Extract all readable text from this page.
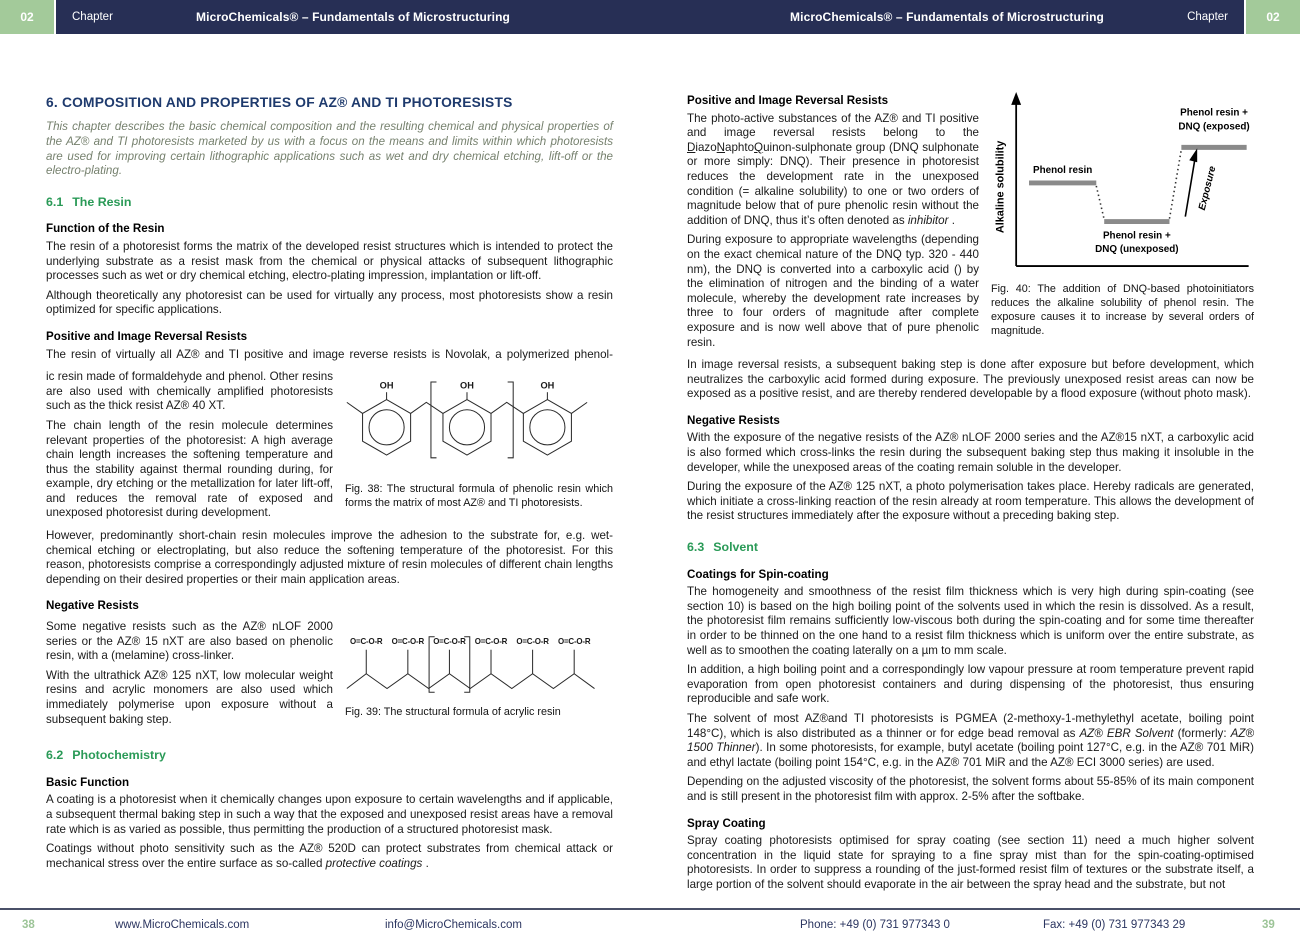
02	Chapter	MicroChemicals® – Fundamentals of Microstructuring	MicroChemicals® – Fundamentals of Microstructuring	Chapter	02
6. COMPOSITION AND PROPERTIES OF AZ® AND TI PHOTORESISTS

This chapter describes the basic chemical composition and the resulting chemical and physical properties of the AZ® and TI photoresists marketed by us with a focus on the means and limits within which photoresists are used for improving certain lithographic applications such as wet and dry chemical etching, lift-off or the electro-plating.

6.1 The Resin
Function of the Resin

The resin of a photoresist forms the matrix of the developed resist structures which is intended to protect the underlying substrate as a resist mask from the chemical or physical attacks of subsequent lithographic processes such as wet or dry chemical etching, electro-plating impression, implantation or lift-off.

Although theoretically any photoresist can be used for virtually any process, most photoresists show a resin optimized for specific applications.

Positive and Image Reversal Resists

The resin of virtually all AZ® and TI positive and image reverse resists is Novolak, a polymerized phenol-

ic resin made of formaldehyde and phenol. Other resins are also used with chemically amplified photoresists such as the thick resist AZ® 40 XT.

The chain length of the resin molecule determines relevant properties of the photoresist: A high average chain length increases the softening temperature and thus the stability against thermal rounding during, for example, dry etching or the metallization for later lift-off, and reduces the removal rate of exposed and unexposed photoresist during development.

OH	OH	OH

Fig. 38: The structural formula of phenolic resin which forms the matrix of most AZ® and TI photoresists.

However, predominantly short-chain resin molecules improve the adhesion to the substrate for, e.g. wet-chemical etching or electroplating, but also reduce the softening temperature of the photoresist. For this reason, photoresists comprise a correspondingly adjusted mixture of resin molecules of different chain lengths depending on their desired properties or their main application areas.

Negative Resists

Some negative resists such as the AZ® nLOF 2000 series or the AZ® 15 nXT are also based on phenolic resin, with a (melamine) cross-linker.

With the ultrathick AZ® 125 nXT, low molecular weight resins and acrylic monomers are also used which immediately polymerise upon exposure without a subsequent baking step.

O=C-O-R O=C-O-R O=C-O-R O=C-O-R O=C-O-R O=C-O-R

Fig. 39: The structural formula of acrylic resin

6.2 Photochemistry
Basic Function

A coating is a photoresist when it chemically changes upon exposure to certain wavelengths and if applicable, a subsequent thermal baking step in such a way that the exposed and unexposed resist areas have a removal rate which is as varied as possible, thus permitting the production of a structured photoresist mask.

Coatings without photo sensitivity such as the AZ® 520D can protect substrates from chemical attack or mechanical stress over the entire surface as so-called protective coatings .

Positive and Image Reversal Resists

The photo-active substances of the AZ® and TI positive and image reversal resists belong to the DiazoNaphtoQuinon-sulphonate group (DNQ sulphonate or more simply: DNQ). Their presence in photoresist reduces the development rate in the unexposed condition (= alkaline solubility) to one or two orders of magnitude below that of pure phenolic resin without the addition of DNQ, thus it’s often denoted as inhibitor .

During exposure to appropriate wavelengths (depending on the exact chemical nature of the DNQ typ. 320 - 440 nm), the DNQ is converted into a carboxylic acid () by the elimination of nitrogen and the binding of a water molecule, whereby the development rate increases by three to four orders of magnitude after complete exposure and is now well above that of pure phenolic resin.

Alkaline solubility	Phenol resin
Phenol resin +
DNQ (unexposed)
Phenol resin +
DNQ (exposed)
Exposure

Fig. 40: The addition of DNQ-based photoinitiators reduces the alkaline solubility of phenol resin. The exposure causes it to increase by several orders of magnitude.

In image reversal resists, a subsequent baking step is done after exposure but before development, which neutralizes the carboxylic acid formed during exposure. The previously unexposed resist areas can now be exposed as a positive resist, and are thereby rendered developable by a flood exposure (without photo mask).

Negative Resists

With the exposure of the negative resists of the AZ® nLOF 2000 series and the AZ®15 nXT, a carboxylic acid is also formed which cross-links the resin during the subsequent baking step thus making it insoluble in the developer, while the unexposed areas of the coating remain soluble in the developer.

During the exposure of the AZ® 125 nXT, a photo polymerisation takes place. Hereby radicals are generated, which initiate a cross-linking reaction of the resin already at room temperature. This allows the development of the resist structures immediately after the exposure without a preceding baking step.

6.3 Solvent
Coatings for Spin-coating

The homogeneity and smoothness of the resist film thickness which is very high during spin-coating (see section 10) is based on the high boiling point of the solvents used in which the resin is dissolved. As a result, the photoresist film remains sufficiently low-viscous both during the spin-coating and for some time thereafter in order to be thinned on the one hand to a resist film thickness which is uniform over the entire substrate, as well as to smoothen the coating laterally on a µm to mm scale.

In addition, a high boiling point and a correspondingly low vapour pressure at room temperature prevent rapid evaporation from open photoresist containers and during dispensing of the photoresist, thus ensuring reproducible and safe work.

The solvent of most AZ®and TI photoresists is PGMEA (2-methoxy-1-methylethyl acetate, boiling point 148°C), which is also distributed as a thinner or for edge bead removal as AZ® EBR Solvent (formerly: AZ® 1500 Thinner). In some photoresists, for example, butyl acetate (boiling point 127°C, e.g. in the AZ® 701 MiR) and ethyl lactate (boiling point 154°C, e.g. in the AZ® 701 MiR and the AZ® ECI 3000 series) are used.

Depending on the adjusted viscosity of the photoresist, the solvent forms about 55-85% of its main component and is still present in the photoresist film with approx. 2-5% after the softbake.

Spray Coating

Spray coating photoresists optimised for spray coating (see section 11) need a much higher solvent concentration in the liquid state for spraying to a fine spray mist than for the spin-coating-optimised photoresists. In order to suppress a rounding of the just-formed resist film of textures or the substrate itself, a large portion of the solvent should evaporate in the air between the spray head and the substrate, but not

38	www.MicroChemicals.com	info@MicroChemicals.com	Phone: +49 (0) 731 977343 0	Fax: +49 (0) 731 977343 29	39
